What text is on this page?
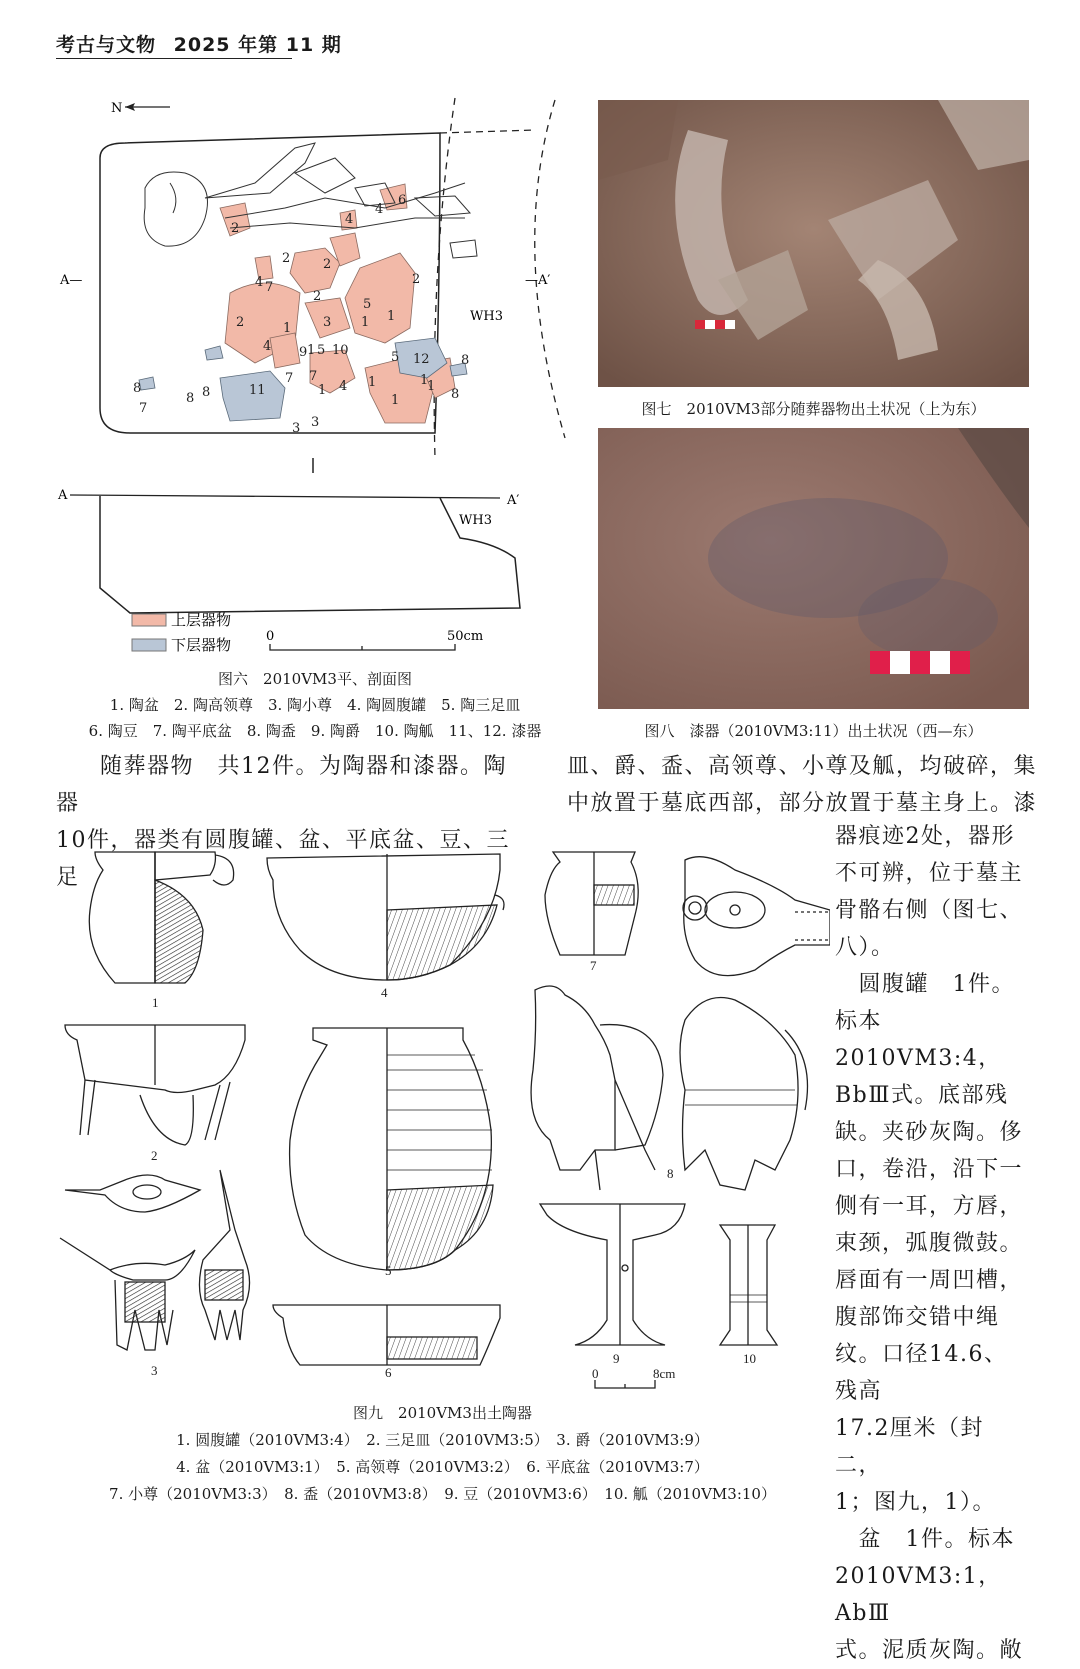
考古与文物 2025 年第 11 期
N
A—	—A′
WH3
2
2	2
4
4
6
2
4 7
2
2	3 1 1
5
4
1
1 5 10	5 12
9
7 7
1 4 1	1
1
11
8
8
8
7
8 8
3 3
1
A	A′
WH3
上层器物
下层器物	0	50cm
图六　2010ⅤM3平、剖面图
1. 陶盆　2. 陶高领尊　3. 陶小尊　4. 陶圆腹罐　5. 陶三足皿
6. 陶豆　7. 陶平底盆　8. 陶盉　9. 陶爵　10. 陶觚　11、12. 漆器
图七　2010ⅤM3部分随葬器物出土状况（上为东）
图八　漆器（2010ⅤM3:11）出土状况（西—东）
随葬器物　共12件。为陶器和漆器。陶器
10件，器类有圆腹罐、盆、平底盆、豆、三足
皿、爵、盉、高领尊、小尊及觚，均破碎，集
中放置于墓底西部，部分放置于墓主身上。漆
器痕迹2处，器形
不可辨，位于墓主
骨骼右侧（图七、
八）。
　圆腹罐　1件。
标本2010ⅤM3:4，
BbⅢ式。底部残
缺。夹砂灰陶。侈
口，卷沿，沿下一
侧有一耳，方唇，
束颈，弧腹微鼓。
唇面有一周凹槽，
腹部饰交错中绳
纹。口径14.6、残高
17.2厘米（封二，
1；图九，1）。
　盆　1件。标本
2010ⅤM3:1，AbⅢ
式。泥质灰陶。敞
1
2
3
4
5
6
7
8
9	10
0	8cm
图九　2010ⅤM3出土陶器
1. 圆腹罐（2010ⅤM3:4）　2. 三足皿（2010ⅤM3:5）　3. 爵（2010ⅤM3:9）
4. 盆（2010ⅤM3:1）　5. 高领尊（2010ⅤM3:2）　6. 平底盆（2010ⅤM3:7）
7. 小尊（2010ⅤM3:3）　8. 盉（2010ⅤM3:8）　9. 豆（2010ⅤM3:6）　10. 觚（2010ⅤM3:10）
